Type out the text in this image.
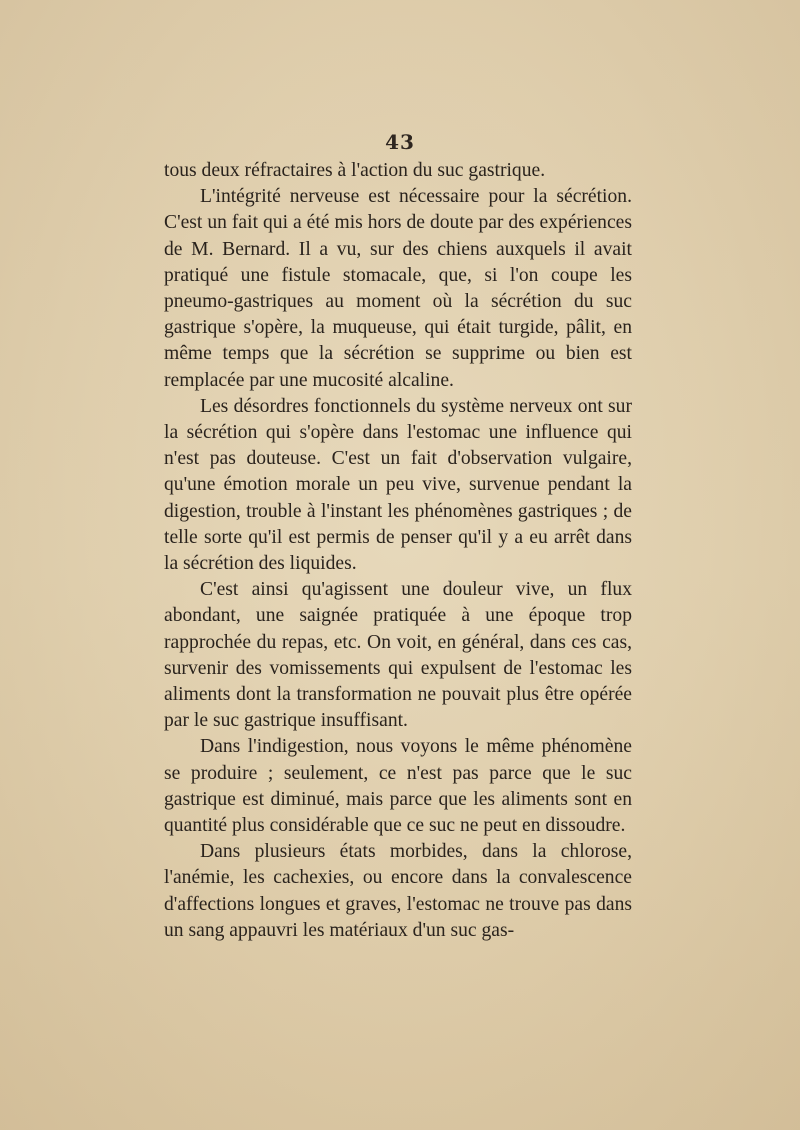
43

tous deux réfractaires à l'action du suc gastrique.

L'intégrité nerveuse est nécessaire pour la sécrétion. C'est un fait qui a été mis hors de doute par des expériences de M. Bernard. Il a vu, sur des chiens auxquels il avait pratiqué une fistule stomacale, que, si l'on coupe les pneumo-gastriques au moment où la sécrétion du suc gastrique s'opère, la muqueuse, qui était turgide, pâlit, en même temps que la sécrétion se supprime ou bien est remplacée par une mucosité alcaline.

Les désordres fonctionnels du système nerveux ont sur la sécrétion qui s'opère dans l'estomac une influence qui n'est pas douteuse. C'est un fait d'observation vulgaire, qu'une émotion morale un peu vive, survenue pendant la digestion, trouble à l'instant les phénomènes gastriques ; de telle sorte qu'il est permis de penser qu'il y a eu arrêt dans la sécrétion des liquides.

C'est ainsi qu'agissent une douleur vive, un flux abondant, une saignée pratiquée à une époque trop rapprochée du repas, etc. On voit, en général, dans ces cas, survenir des vomissements qui expulsent de l'estomac les aliments dont la transformation ne pouvait plus être opérée par le suc gastrique insuffisant.

Dans l'indigestion, nous voyons le même phénomène se produire ; seulement, ce n'est pas parce que le suc gastrique est diminué, mais parce que les aliments sont en quantité plus considérable que ce suc ne peut en dissoudre.

Dans plusieurs états morbides, dans la chlorose, l'anémie, les cachexies, ou encore dans la convalescence d'affections longues et graves, l'estomac ne trouve pas dans un sang appauvri les matériaux d'un suc gas-
